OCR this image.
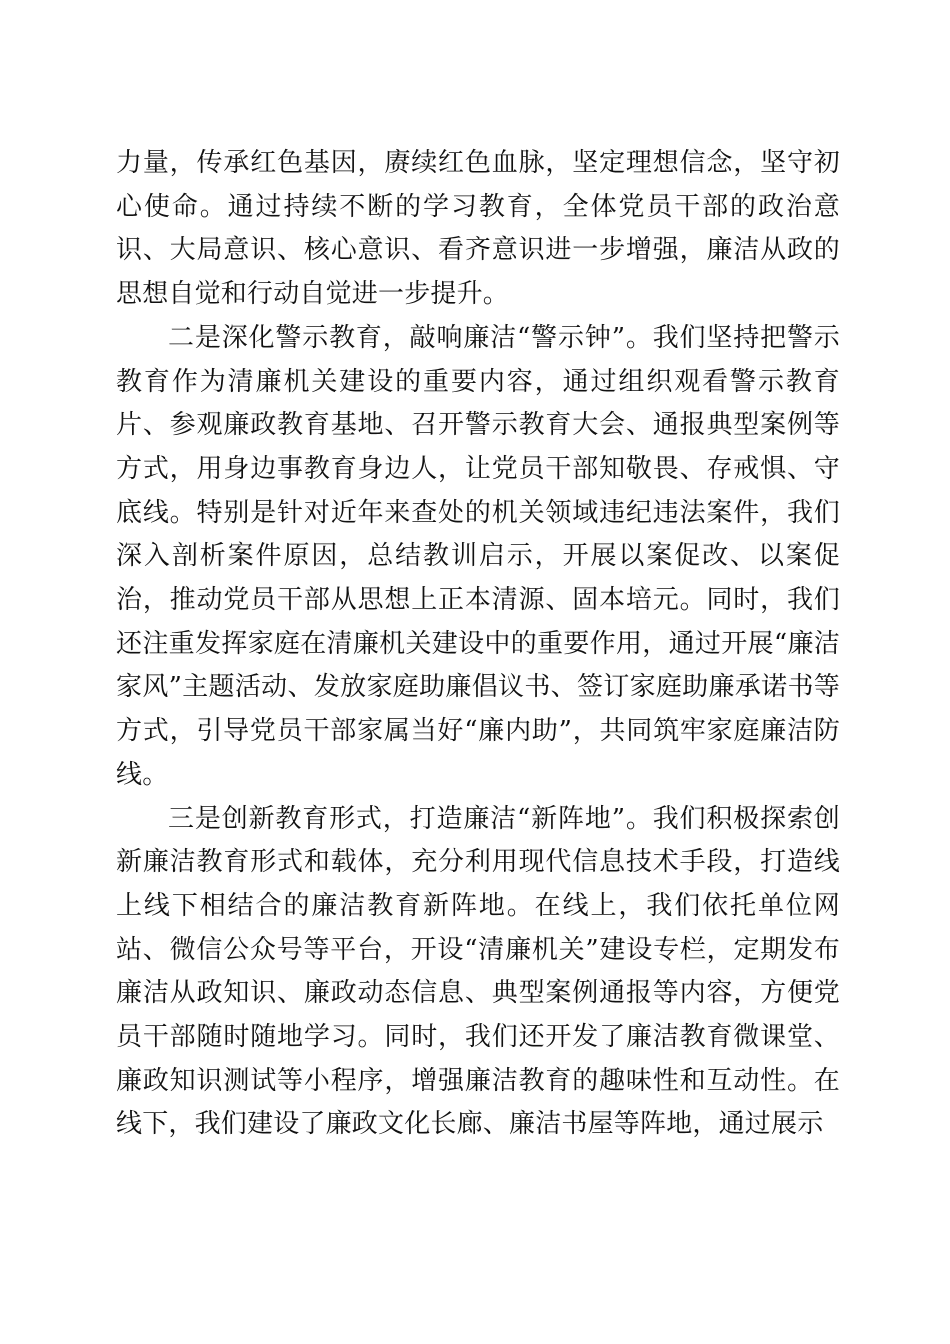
力量，传承红色基因，赓续红色血脉，坚定理想信念，坚守初心使命。通过持续不断的学习教育，全体党员干部的政治意识、大局意识、核心意识、看齐意识进一步增强，廉洁从政的思想自觉和行动自觉进一步提升。

二是深化警示教育，敲响廉洁“警示钟”。我们坚持把警示教育作为清廉机关建设的重要内容，通过组织观看警示教育片、参观廉政教育基地、召开警示教育大会、通报典型案例等方式，用身边事教育身边人，让党员干部知敬畏、存戒惧、守底线。特别是针对近年来查处的机关领域违纪违法案件，我们深入剖析案件原因，总结教训启示，开展以案促改、以案促治，推动党员干部从思想上正本清源、固本培元。同时，我们还注重发挥家庭在清廉机关建设中的重要作用，通过开展“廉洁家风”主题活动、发放家庭助廉倡议书、签订家庭助廉承诺书等方式，引导党员干部家属当好“廉内助”，共同筑牢家庭廉洁防线。

三是创新教育形式，打造廉洁“新阵地”。我们积极探索创新廉洁教育形式和载体，充分利用现代信息技术手段，打造线上线下相结合的廉洁教育新阵地。在线上，我们依托单位网站、微信公众号等平台，开设“清廉机关”建设专栏，定期发布廉洁从政知识、廉政动态信息、典型案例通报等内容，方便党员干部随时随地学习。同时，我们还开发了廉洁教育微课堂、廉政知识测试等小程序，增强廉洁教育的趣味性和互动性。在线下，我们建设了廉政文化长廊、廉洁书屋等阵地，通过展示
